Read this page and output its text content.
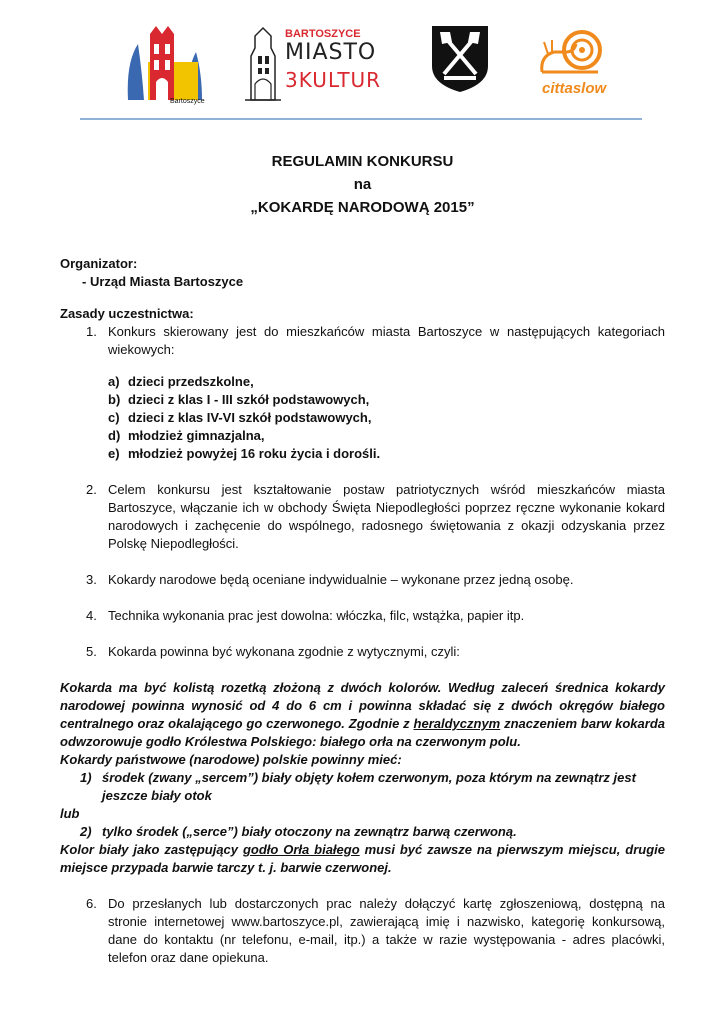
Bartoszyce
BARTOSZYCE
MIASTO
3KULTUR	cittaslow
REGULAMIN KONKURSU
na
„KOKARDĘ NARODOWĄ 2015”
Organizator:
- Urząd Miasta Bartoszyce
Zasady uczestnictwa:
1. Konkurs skierowany jest do mieszkańców miasta Bartoszyce w następujących kategoriach wiekowych:
a) dzieci przedszkolne,
b) dzieci z klas I - III szkół podstawowych,
c) dzieci z klas IV-VI szkół podstawowych,
d) młodzież gimnazjalna,
e) młodzież powyżej 16 roku życia i dorośli.
2. Celem konkursu jest kształtowanie postaw patriotycznych wśród mieszkańców miasta Bartoszyce, włączanie ich w obchody Święta Niepodległości poprzez ręczne wykonanie kokard narodowych i zachęcenie do wspólnego, radosnego świętowania z okazji odzyskania przez Polskę Niepodległości.
3. Kokardy narodowe będą oceniane indywidualnie – wykonane przez jedną osobę.
4. Technika wykonania prac jest dowolna: włóczka, filc, wstążka, papier itp.
5. Kokarda powinna być wykonana zgodnie z wytycznymi, czyli:
Kokarda ma być kolistą rozetką złożoną z dwóch kolorów. Według zaleceń średnica kokardy narodowej powinna wynosić od 4 do 6 cm i powinna składać się z dwóch okręgów białego centralnego oraz okalającego go czerwonego. Zgodnie z heraldycznym znaczeniem barw kokarda odwzorowuje godło Królestwa Polskiego: białego orła na czerwonym polu.
Kokardy państwowe (narodowe) polskie powinny mieć:
1) środek (zwany „sercem”) biały objęty kołem czerwonym, poza którym na zewnątrz jest jeszcze biały otok
lub
2) tylko środek („serce”) biały otoczony na zewnątrz barwą czerwoną.
Kolor biały jako zastępujący godło Orła białego musi być zawsze na pierwszym miejscu, drugie miejsce przypada barwie tarczy t. j. barwie czerwonej.
6. Do przesłanych lub dostarczonych prac należy dołączyć kartę zgłoszeniową, dostępną na stronie internetowej www.bartoszyce.pl, zawierającą imię i nazwisko, kategorię konkursową, dane do kontaktu (nr telefonu, e-mail, itp.) a także w razie występowania - adres placówki, telefon oraz dane opiekuna.
